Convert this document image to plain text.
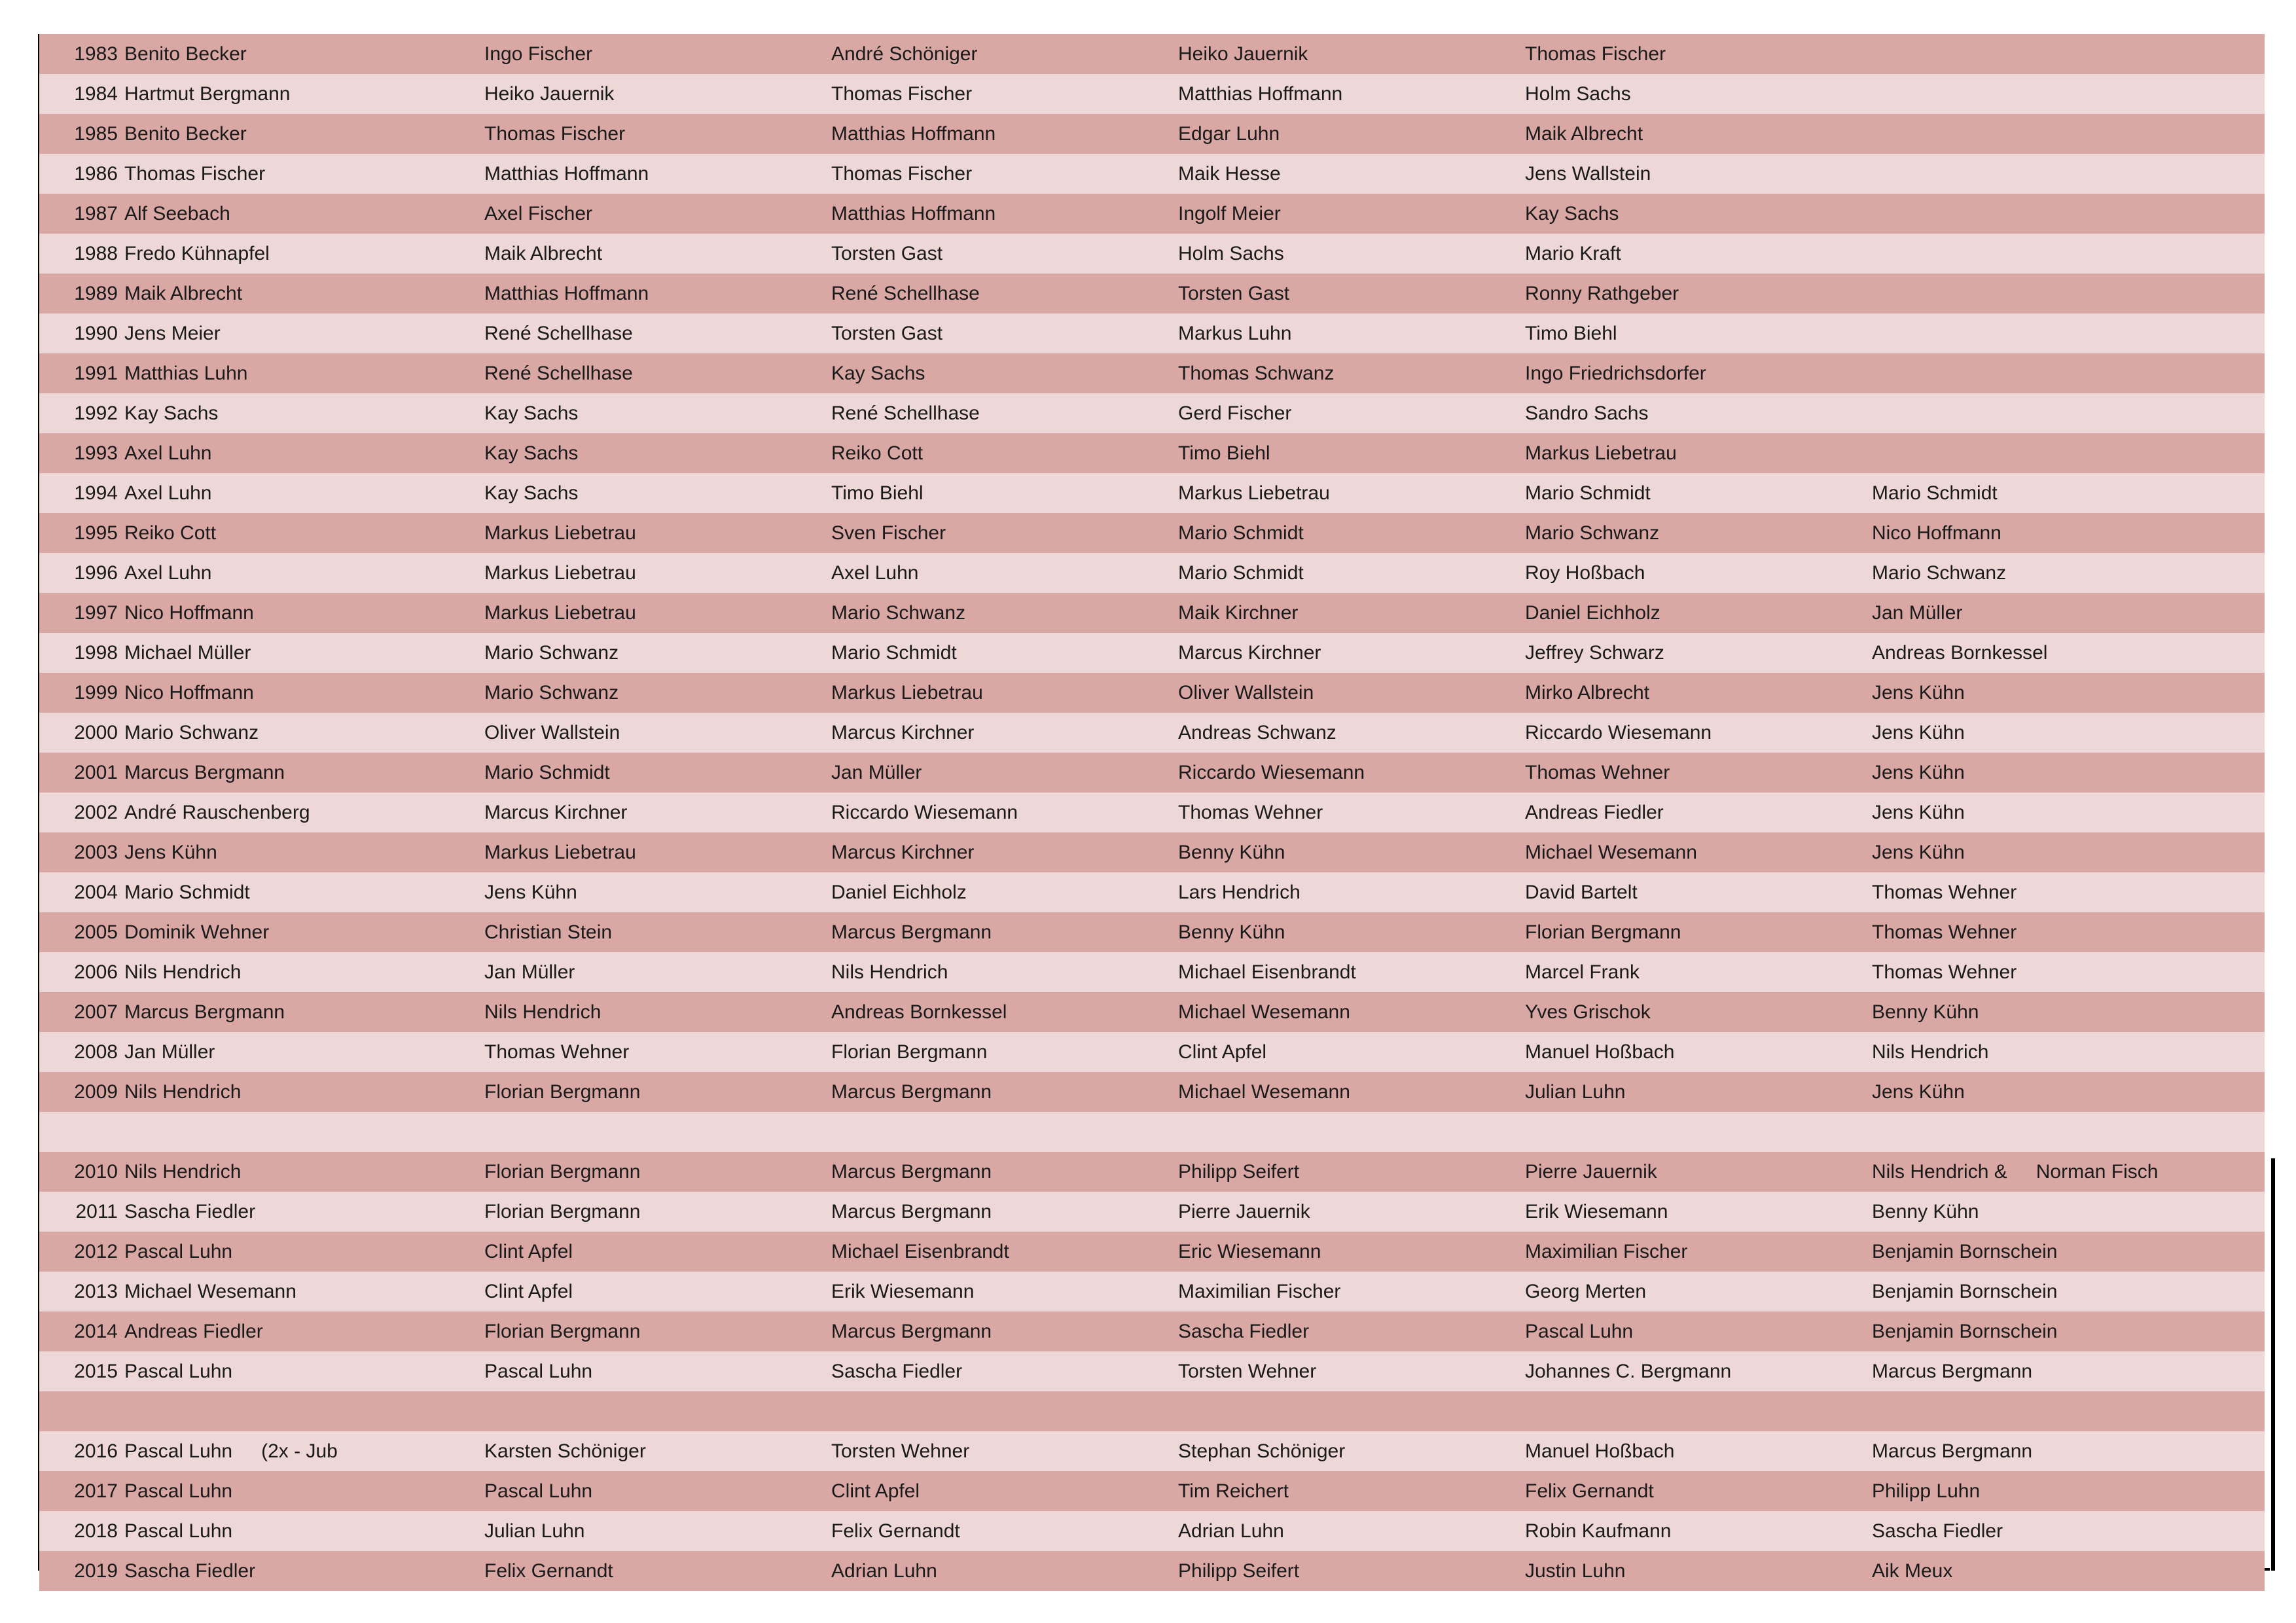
1983	Benito Becker	Ingo Fischer	André Schöniger	Heiko Jauernik	Thomas Fischer	
1984	Hartmut Bergmann	Heiko Jauernik	Thomas Fischer	Matthias Hoffmann	Holm Sachs	
1985	Benito Becker	Thomas Fischer	Matthias Hoffmann	Edgar Luhn	Maik Albrecht	
1986	Thomas Fischer	Matthias Hoffmann	Thomas Fischer	Maik Hesse	Jens Wallstein	
1987	Alf Seebach	Axel Fischer	Matthias Hoffmann	Ingolf Meier	Kay Sachs	
1988	Fredo Kühnapfel	Maik Albrecht	Torsten Gast	Holm Sachs	Mario Kraft	
1989	Maik Albrecht	Matthias Hoffmann	René Schellhase	Torsten Gast	Ronny Rathgeber	
1990	Jens Meier	René Schellhase	Torsten Gast	Markus Luhn	Timo Biehl	
1991	Matthias Luhn	René Schellhase	Kay Sachs	Thomas Schwanz	Ingo Friedrichsdorfer	
1992	Kay Sachs	Kay Sachs	René Schellhase	Gerd Fischer	Sandro Sachs	
1993	Axel Luhn	Kay Sachs	Reiko Cott	Timo Biehl	Markus Liebetrau	
1994	Axel Luhn	Kay Sachs	Timo Biehl	Markus Liebetrau	Mario Schmidt	Mario Schmidt
1995	Reiko Cott	Markus Liebetrau	Sven Fischer	Mario Schmidt	Mario Schwanz	Nico Hoffmann
1996	Axel Luhn	Markus Liebetrau	Axel Luhn	Mario Schmidt	Roy Hoßbach	Mario Schwanz
1997	Nico Hoffmann	Markus Liebetrau	Mario Schwanz	Maik Kirchner	Daniel Eichholz	Jan Müller
1998	Michael Müller	Mario Schwanz	Mario Schmidt	Marcus Kirchner	Jeffrey Schwarz	Andreas Bornkessel
1999	Nico Hoffmann	Mario Schwanz	Markus Liebetrau	Oliver Wallstein	Mirko Albrecht	Jens Kühn
2000	Mario Schwanz	Oliver Wallstein	Marcus Kirchner	Andreas Schwanz	Riccardo Wiesemann	Jens Kühn
2001	Marcus Bergmann	Mario Schmidt	Jan Müller	Riccardo Wiesemann	Thomas Wehner	Jens Kühn
2002	André Rauschenberg	Marcus Kirchner	Riccardo Wiesemann	Thomas Wehner	Andreas Fiedler	Jens Kühn
2003	Jens Kühn	Markus Liebetrau	Marcus Kirchner	Benny Kühn	Michael Wesemann	Jens Kühn
2004	Mario Schmidt	Jens Kühn	Daniel Eichholz	Lars Hendrich	David Bartelt	Thomas Wehner
2005	Dominik Wehner	Christian Stein	Marcus Bergmann	Benny Kühn	Florian Bergmann	Thomas Wehner
2006	Nils Hendrich	Jan Müller	Nils Hendrich	Michael Eisenbrandt	Marcel Frank	Thomas Wehner
2007	Marcus Bergmann	Nils Hendrich	Andreas Bornkessel	Michael Wesemann	Yves Grischok	Benny Kühn
2008	Jan Müller	Thomas Wehner	Florian Bergmann	Clint Apfel	Manuel Hoßbach	Nils Hendrich
2009	Nils Hendrich	Florian Bergmann	Marcus Bergmann	Michael Wesemann	Julian Luhn	Jens Kühn

2010	Nils Hendrich	Florian Bergmann	Marcus Bergmann	Philipp Seifert	Pierre Jauernik	Nils Hendrich & Norman Fisch
2011	Sascha Fiedler	Florian Bergmann	Marcus Bergmann	Pierre Jauernik	Erik Wiesemann	Benny Kühn
2012	Pascal Luhn	Clint Apfel	Michael Eisenbrandt	Eric Wiesemann	Maximilian Fischer	Benjamin Bornschein
2013	Michael Wesemann	Clint Apfel	Erik Wiesemann	Maximilian Fischer	Georg Merten	Benjamin Bornschein
2014	Andreas Fiedler	Florian Bergmann	Marcus Bergmann	Sascha Fiedler	Pascal Luhn	Benjamin Bornschein
2015	Pascal Luhn	Pascal Luhn	Sascha Fiedler	Torsten Wehner	Johannes C. Bergmann	Marcus Bergmann

2016	Pascal Luhn (2x - Jub	Karsten Schöniger	Torsten Wehner	Stephan Schöniger	Manuel Hoßbach	Marcus Bergmann
2017	Pascal Luhn	Pascal Luhn	Clint Apfel	Tim Reichert	Felix Gernandt	Philipp Luhn
2018	Pascal Luhn	Julian Luhn	Felix Gernandt	Adrian Luhn	Robin Kaufmann	Sascha Fiedler
2019	Sascha Fiedler	Felix Gernandt	Adrian Luhn	Philipp Seifert	Justin Luhn	Aik Meux
